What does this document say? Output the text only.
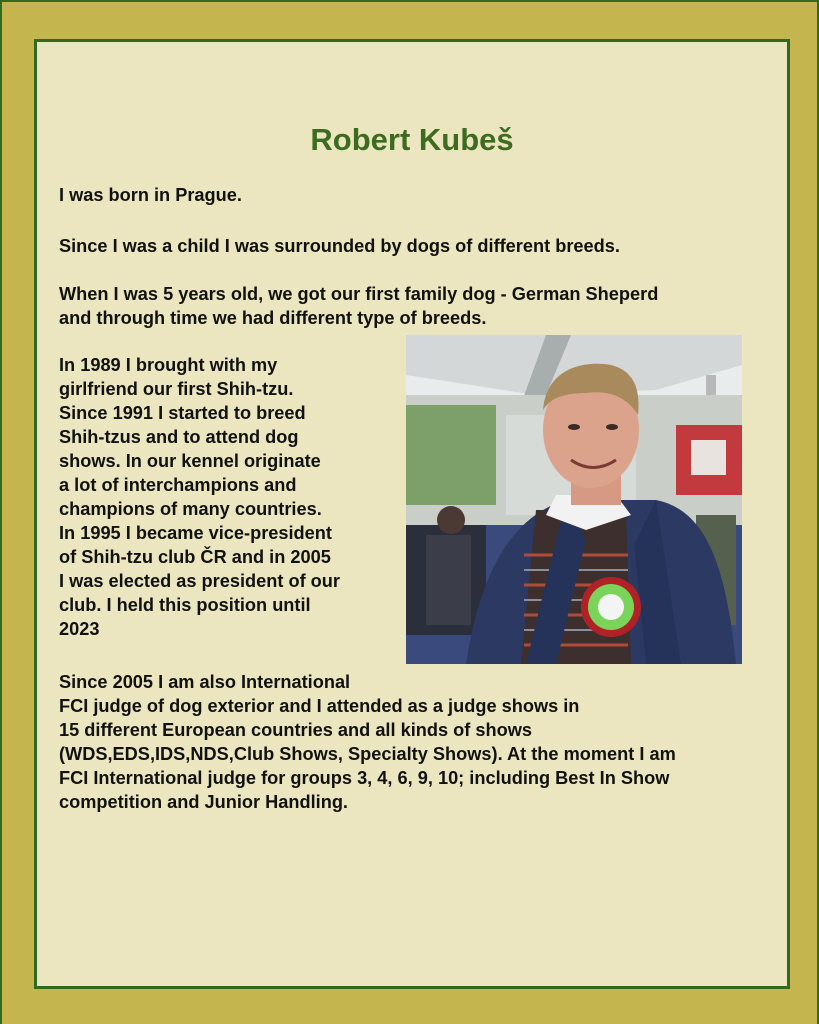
Robert Kubeš

I was born in Prague.

Since I was a child I was surrounded by dogs of different breeds.

When I was 5 years old, we got our first family dog - German Sheperd
and through time we had different type of breeds.

In 1989 I brought with my
girlfriend our first Shih-tzu.
Since 1991 I started to breed
Shih-tzus and to attend dog
shows. In our kennel originate
a lot of interchampions and
champions of many countries.
In 1995 I became vice-president
of Shih-tzu club ČR and in 2005
I was elected as president of our
club. I held this position until
2023

Since 2005 I am also International
FCI judge of dog exterior and I attended as a judge shows in
15 different European countries and all kinds of shows
(WDS,EDS,IDS,NDS,Club Shows, Specialty Shows). At the moment I am
FCI International judge for groups 3, 4, 6, 9, 10; including Best In Show
competition and Junior Handling.
